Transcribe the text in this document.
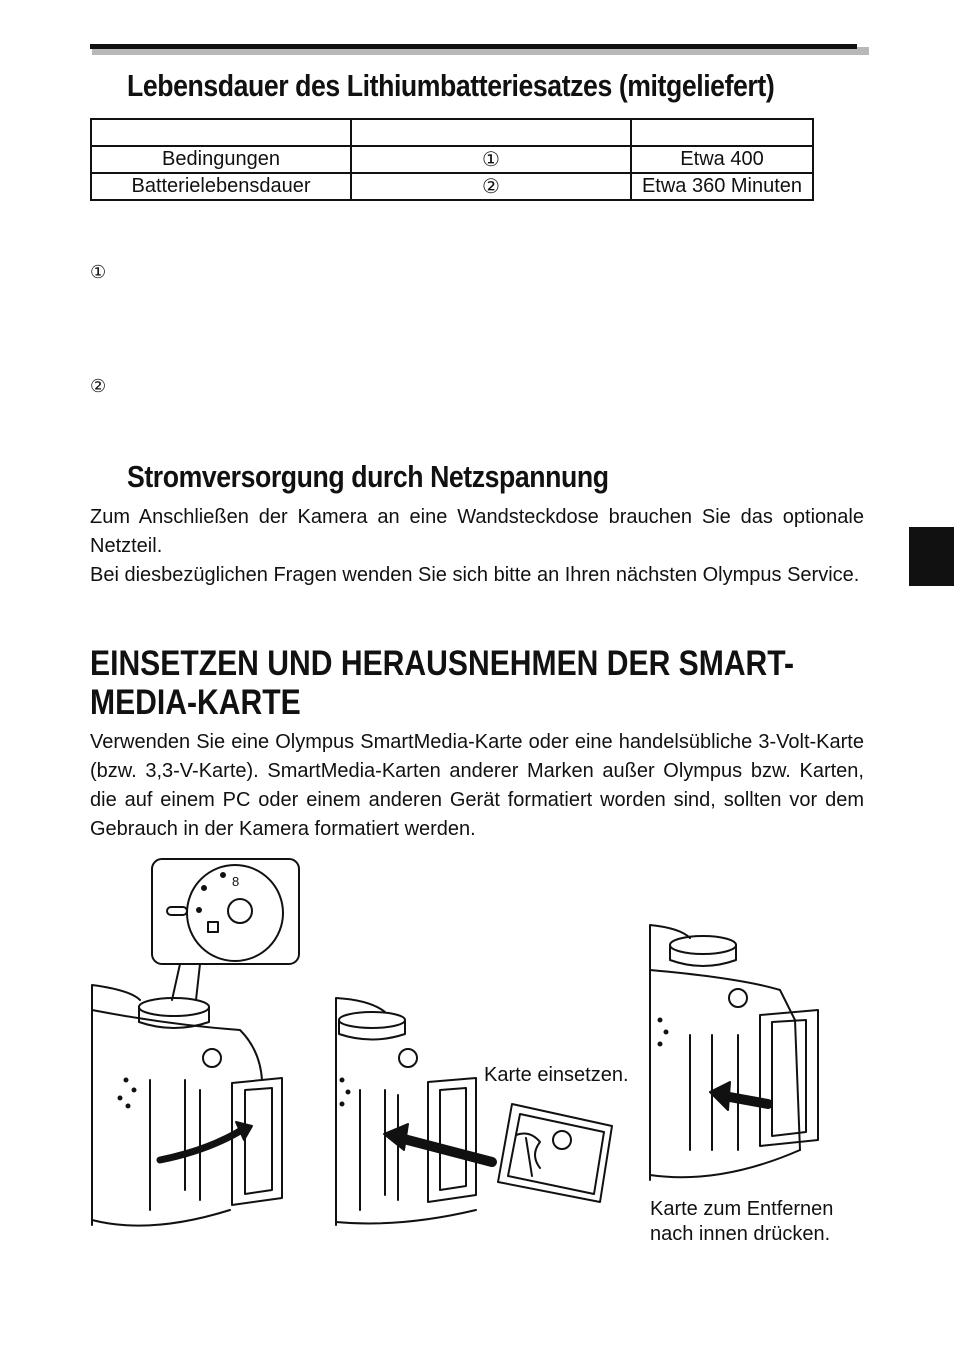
Lebensdauer des Lithiumbatteriesatzes (mitgeliefert)

Bedingungen	①	Etwa 400
Batterielebensdauer	②	Etwa 360 Minuten
①
②
Stromversorgung durch Netzspannung

Zum Anschließen der Kamera an eine Wandsteckdose brauchen Sie das optionale Netzteil.

Bei diesbezüglichen Fragen wenden Sie sich bitte an Ihren nächsten Olympus Service.

EINSETZEN UND HERAUSNEHMEN DER SMART-
MEDIA-KARTE

Verwenden Sie eine Olympus SmartMedia-Karte oder eine handelsübliche 3-Volt-Karte (bzw. 3,3-V-Karte). SmartMedia-Karten anderer Marken außer Olympus bzw. Karten, die auf einem PC oder einem anderen Gerät formatiert worden sind, sollten vor dem Gebrauch in der Kamera formatiert werden.

8
Karte einsetzen.
Karte zum Entfernen
nach innen drücken.
